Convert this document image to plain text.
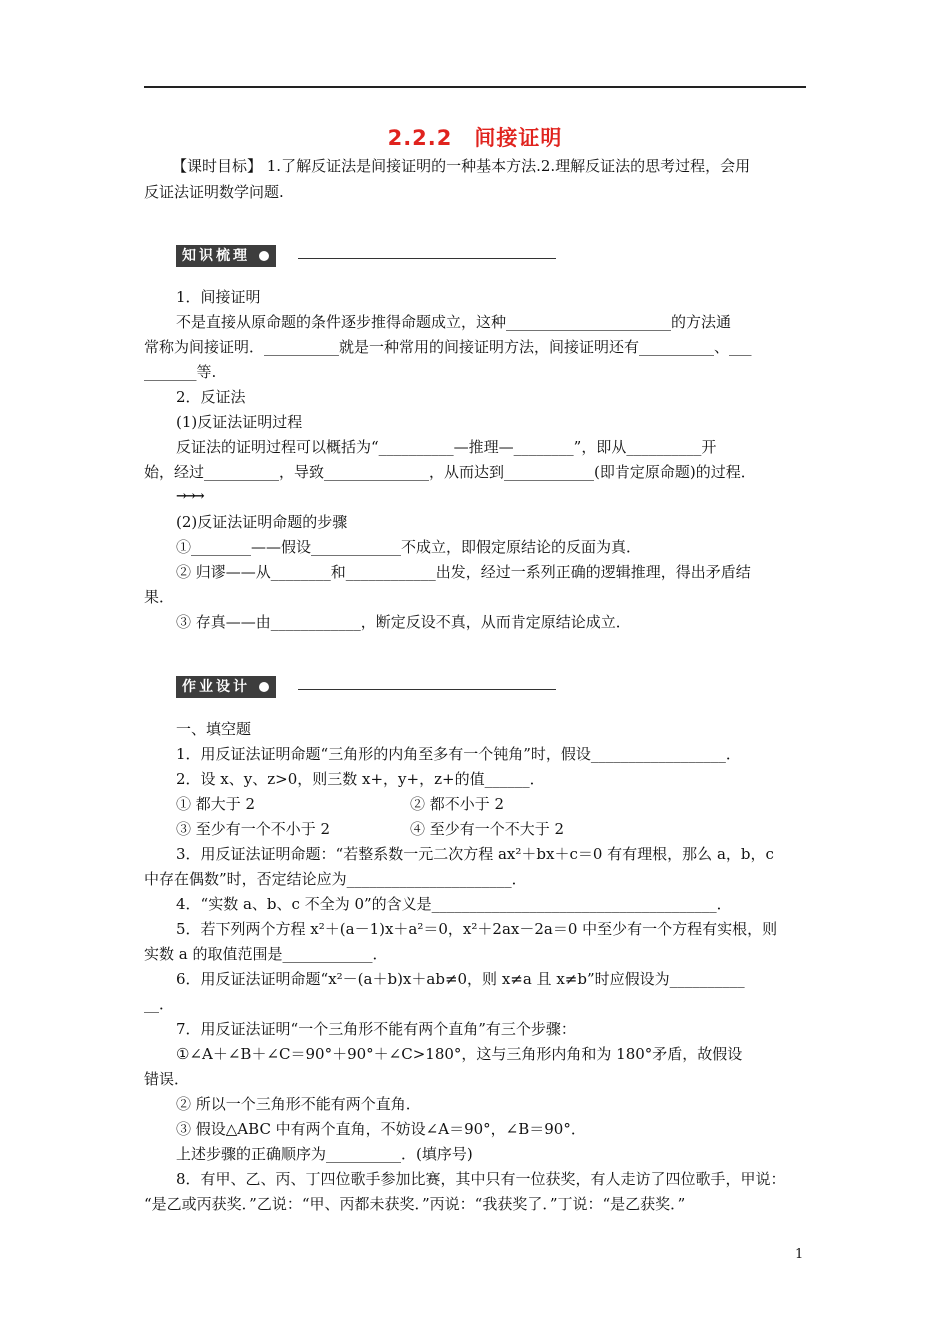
2.2.2　间接证明
【课时目标】 1.了解反证法是间接证明的一种基本方法.2.理解反证法的思考过程，会用
反证法证明数学问题.
知识梳理
1．间接证明
不是直接从原命题的条件逐步推得命题成立，这种______________________的方法通
常称为间接证明．__________就是一种常用的间接证明方法，间接证明还有__________、___
_______等.
2．反证法
(1)反证法证明过程
反证法的证明过程可以概括为“__________—推理—________”，即从__________开
始，经过__________，导致______________，从而达到____________(即肯定原命题)的过程．
→→→
(2)反证法证明命题的步骤
①________——假设____________不成立，即假定原结论的反面为真．
② 归谬——从________和____________出发，经过一系列正确的逻辑推理，得出矛盾结
果．
③ 存真——由____________，断定反设不真，从而肯定原结论成立．
作业设计
一、填空题
1．用反证法证明命题“三角形的内角至多有一个钝角”时，假设__________________．
2．设 x、y、z>0，则三数 x+，y+，z+的值______．
① 都大于 2	② 都不小于 2
③ 至少有一个不小于 2	④ 至少有一个不大于 2
3．用反证法证明命题：“若整系数一元二次方程 ax²＋bx＋c＝0 有有理根，那么 a，b，c
中存在偶数”时，否定结论应为______________________．
4．“实数 a、b、c 不全为 0”的含义是______________________________________．
5．若下列两个方程 x²＋(a－1)x＋a²＝0，x²＋2ax－2a＝0 中至少有一个方程有实根，则
实数 a 的取值范围是____________．
6．用反证法证明命题“x²－(a＋b)x＋ab≠0，则 x≠a 且 x≠b”时应假设为__________
__．
7．用反证法证明“一个三角形不能有两个直角”有三个步骤：
①∠A＋∠B＋∠C＝90°＋90°＋∠C>180°，这与三角形内角和为 180°矛盾，故假设
错误．
② 所以一个三角形不能有两个直角．
③ 假设△ABC 中有两个直角，不妨设∠A＝90°，∠B＝90°．
上述步骤的正确顺序为__________．(填序号)
8．有甲、乙、丙、丁四位歌手参加比赛，其中只有一位获奖，有人走访了四位歌手，甲说：
“是乙或丙获奖．”乙说：“甲、丙都未获奖．”丙说：“我获奖了．”丁说：“是乙获奖．”
1
